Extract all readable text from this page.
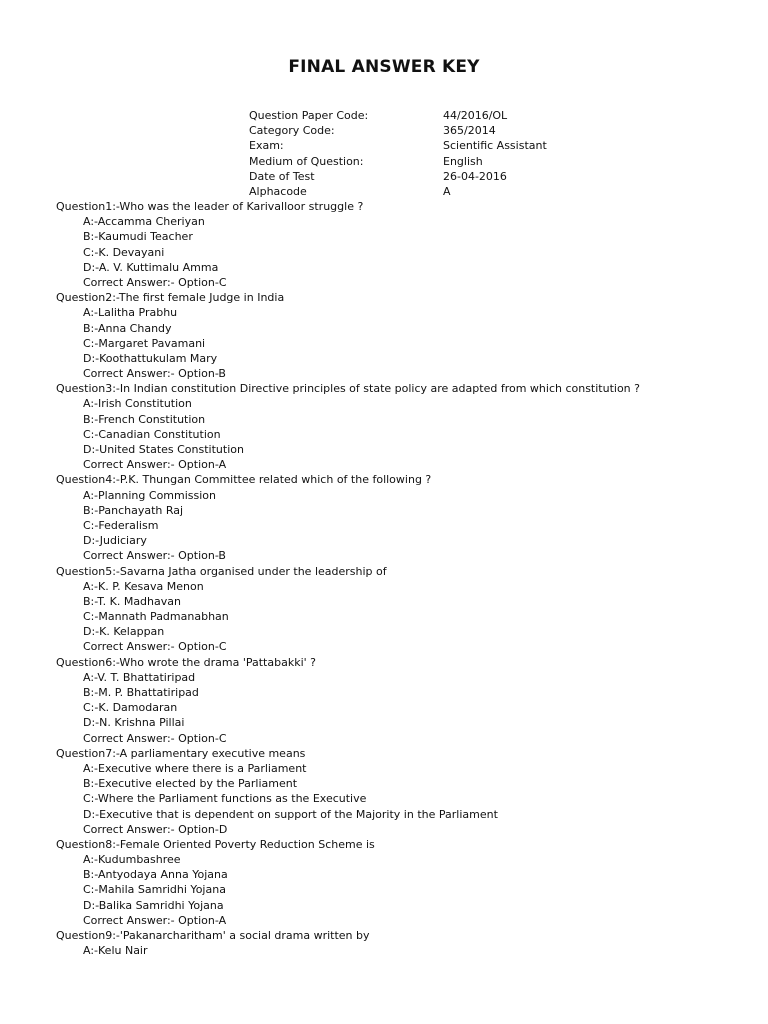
FINAL ANSWER KEY
Question Paper Code:	44/2016/OL
Category Code:	365/2014
Exam:	Scientific Assistant
Medium of Question:	English
Date of Test	26-04-2016
Alphacode	A
Question1:-Who was the leader of Karivalloor struggle ?
A:-Accamma Cheriyan
B:-Kaumudi Teacher
C:-K. Devayani
D:-A. V. Kuttimalu Amma
Correct Answer:- Option-C
Question2:-The first female Judge in India
A:-Lalitha Prabhu
B:-Anna Chandy
C:-Margaret Pavamani
D:-Koothattukulam Mary
Correct Answer:- Option-B
Question3:-In Indian constitution Directive principles of state policy are adapted from which constitution ?
A:-Irish Constitution
B:-French Constitution
C:-Canadian Constitution
D:-United States Constitution
Correct Answer:- Option-A
Question4:-P.K. Thungan Committee related which of the following ?
A:-Planning Commission
B:-Panchayath Raj
C:-Federalism
D:-Judiciary
Correct Answer:- Option-B
Question5:-Savarna Jatha organised under the leadership of
A:-K. P. Kesava Menon
B:-T. K. Madhavan
C:-Mannath Padmanabhan
D:-K. Kelappan
Correct Answer:- Option-C
Question6:-Who wrote the drama 'Pattabakki' ?
A:-V. T. Bhattatiripad
B:-M. P. Bhattatiripad
C:-K. Damodaran
D:-N. Krishna Pillai
Correct Answer:- Option-C
Question7:-A parliamentary executive means
A:-Executive where there is a Parliament
B:-Executive elected by the Parliament
C:-Where the Parliament functions as the Executive
D:-Executive that is dependent on support of the Majority in the Parliament
Correct Answer:- Option-D
Question8:-Female Oriented Poverty Reduction Scheme is
A:-Kudumbashree
B:-Antyodaya Anna Yojana
C:-Mahila Samridhi Yojana
D:-Balika Samridhi Yojana
Correct Answer:- Option-A
Question9:-'Pakanarcharitham' a social drama written by
A:-Kelu Nair
